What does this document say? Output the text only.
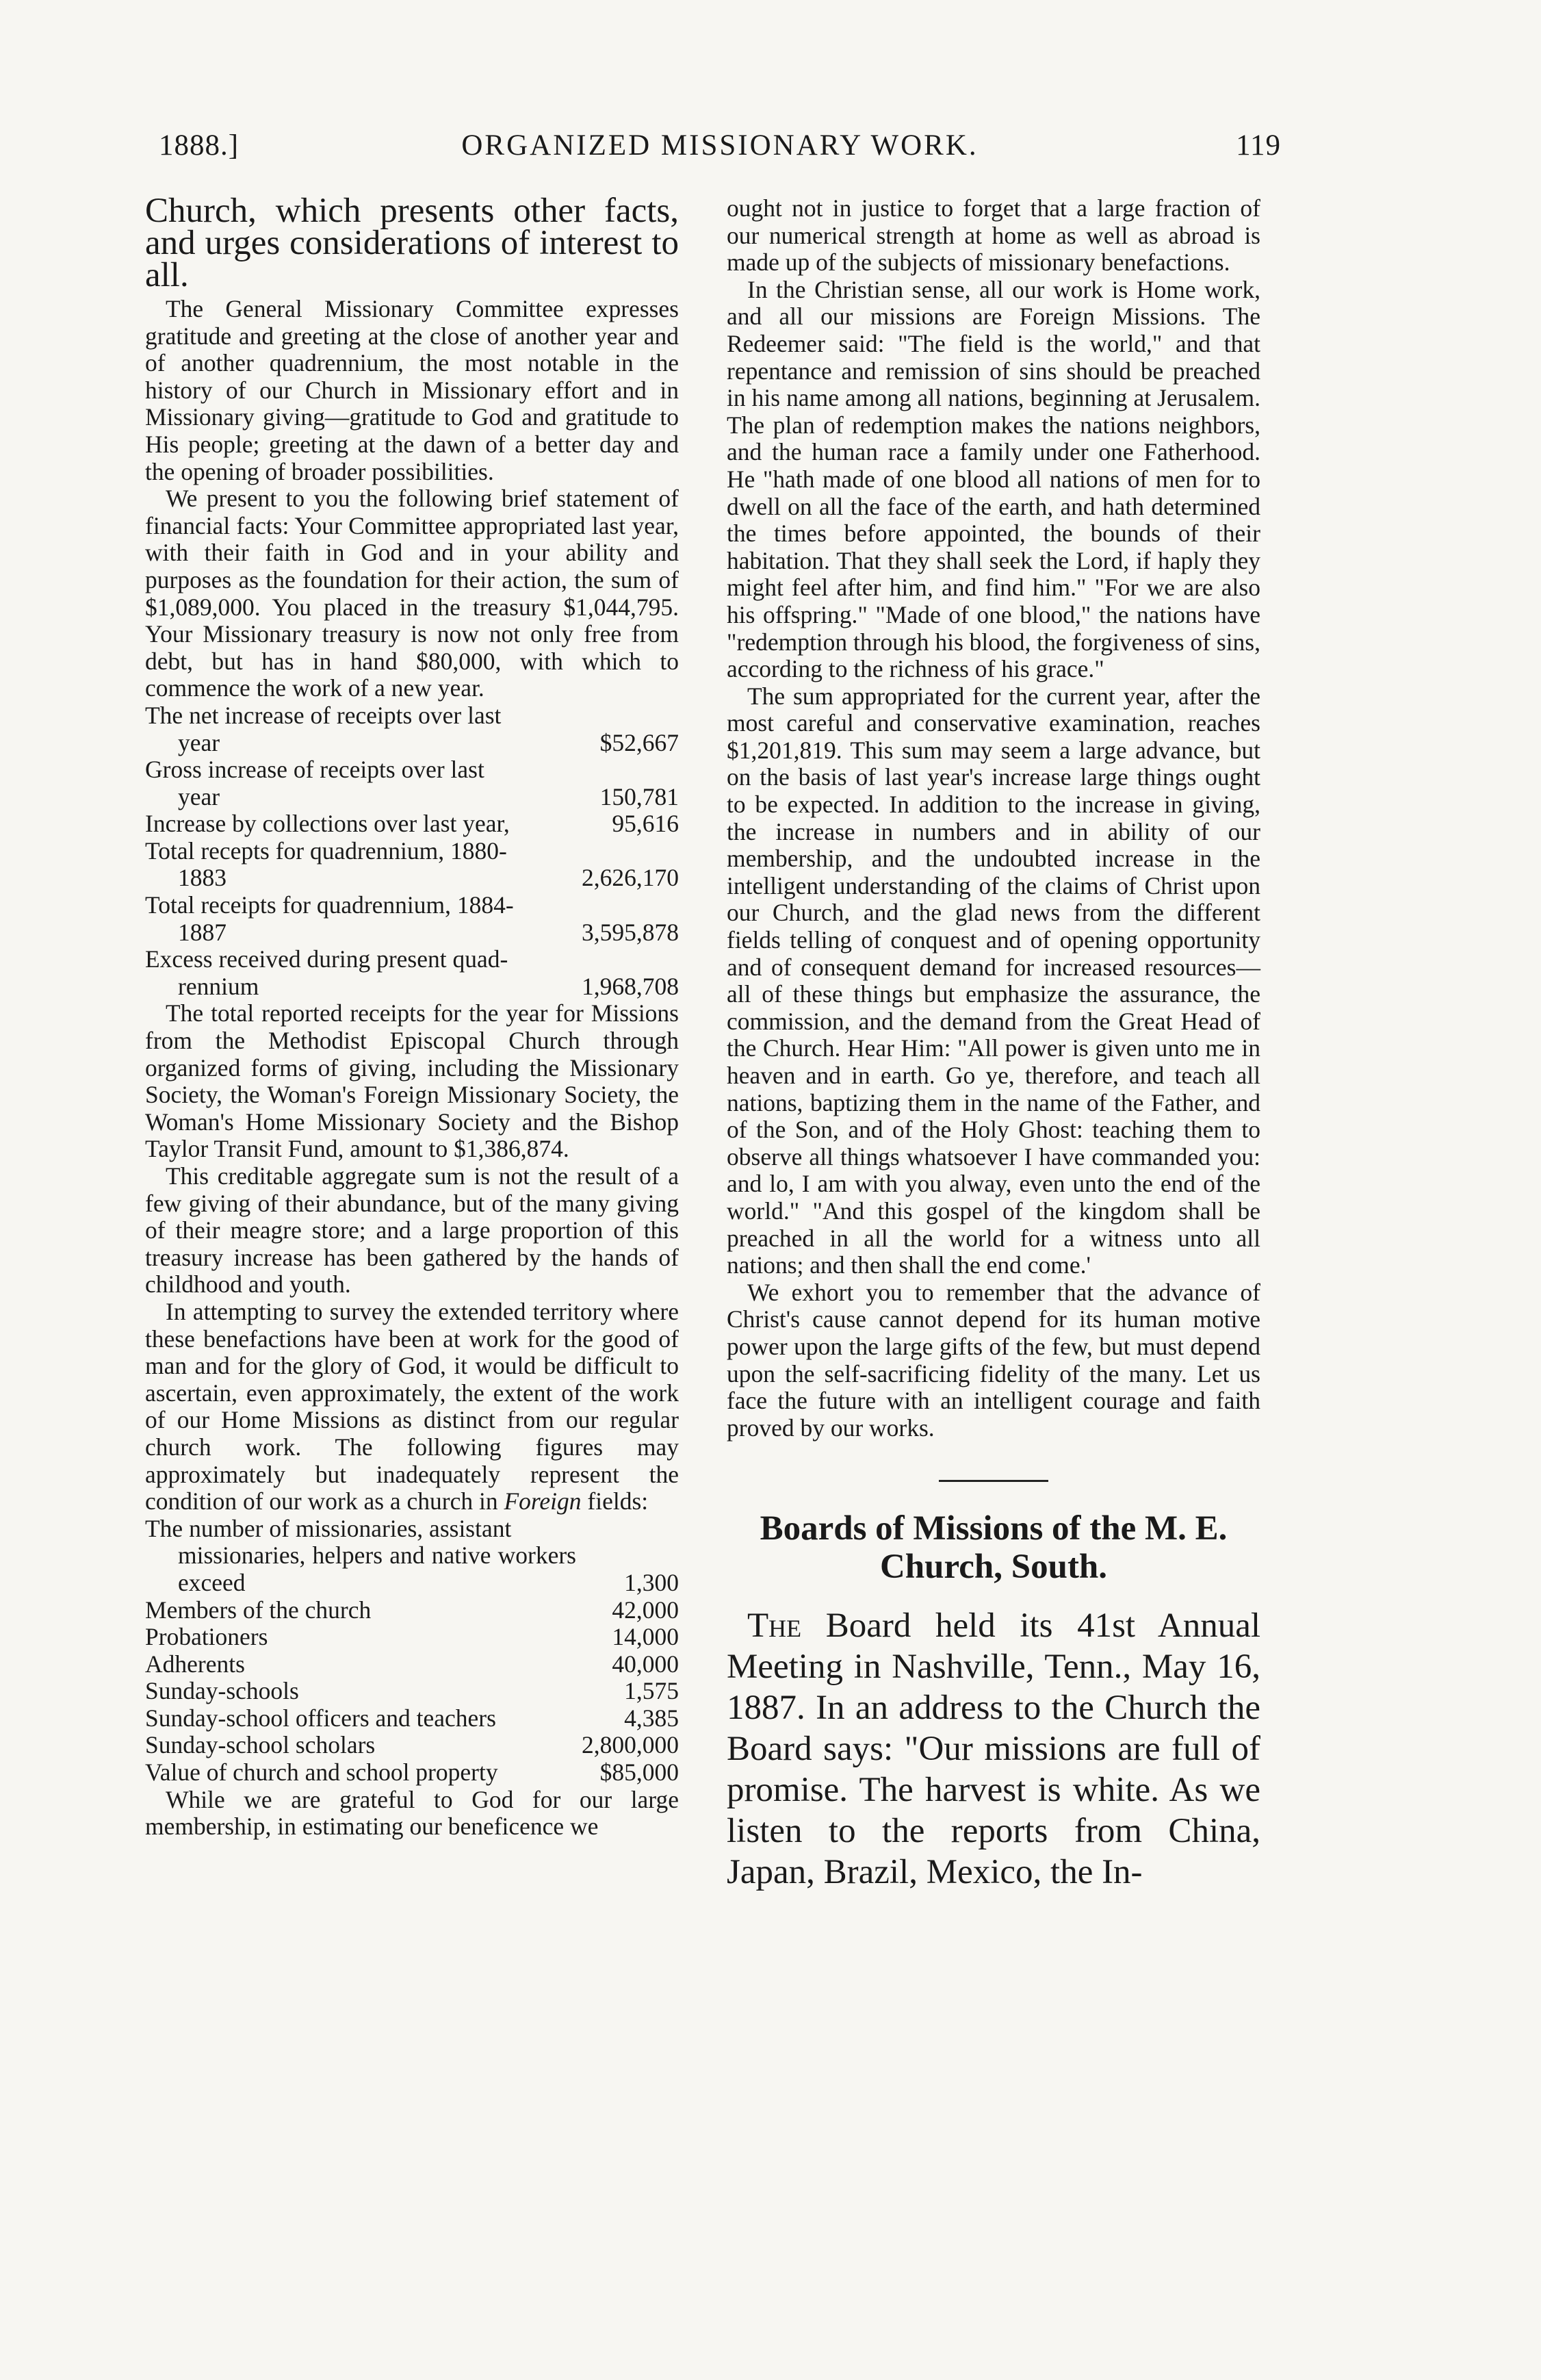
1888.]	ORGANIZED MISSIONARY WORK.	119

Church, which presents other facts, and urges considerations of interest to all.

The General Missionary Committee expresses gratitude and greeting at the close of another year and of another quadrennium, the most notable in the history of our Church in Missionary effort and in Missionary giving—gratitude to God and gratitude to His people; greeting at the dawn of a better day and the opening of broader possibilities.

We present to you the following brief statement of financial facts: Your Committee appropriated last year, with their faith in God and in your ability and purposes as the foundation for their action, the sum of $1,089,000. You placed in the treasury $1,044,795. Your Missionary treasury is now not only free from debt, but has in hand $80,000, with which to commence the work of a new year.

The net increase of receipts over last
year	$52,667

Gross increase of receipts over last
year	150,781

Increase by collections over last year,	95,616

Total recepts for quadrennium, 1880-
1883	2,626,170

Total receipts for quadrennium, 1884-
1887	3,595,878

Excess received during present quad-
rennium	1,968,708

The total reported receipts for the year for Missions from the Methodist Episcopal Church through organized forms of giving, including the Missionary Society, the Woman's Foreign Missionary Society, the Woman's Home Missionary Society and the Bishop Taylor Transit Fund, amount to $1,386,874.

This creditable aggregate sum is not the result of a few giving of their abundance, but of the many giving of their meagre store; and a large proportion of this treasury increase has been gathered by the hands of childhood and youth.

In attempting to survey the extended territory where these benefactions have been at work for the good of man and for the glory of God, it would be difficult to ascertain, even approximately, the extent of the work of our Home Missions as distinct from our regular church work. The following figures may approximately but inadequately represent the condition of our work as a church in Foreign fields:

The number of missionaries, assistant
missionaries, helpers and native workers exceed	1,300

Members of the church	42,000

Probationers	14,000

Adherents	40,000

Sunday-schools	1,575

Sunday-school officers and teachers	4,385

Sunday-school scholars	2,800,000

Value of church and school property	$85,000

While we are grateful to God for our large membership, in estimating our beneficence we

ought not in justice to forget that a large fraction of our numerical strength at home as well as abroad is made up of the subjects of missionary benefactions.

In the Christian sense, all our work is Home work, and all our missions are Foreign Missions. The Redeemer said: "The field is the world," and that repentance and remission of sins should be preached in his name among all nations, beginning at Jerusalem. The plan of redemption makes the nations neighbors, and the human race a family under one Fatherhood. He "hath made of one blood all nations of men for to dwell on all the face of the earth, and hath determined the times before appointed, the bounds of their habitation. That they shall seek the Lord, if haply they might feel after him, and find him." "For we are also his offspring." "Made of one blood," the nations have "redemption through his blood, the forgiveness of sins, according to the richness of his grace."

The sum appropriated for the current year, after the most careful and conservative examination, reaches $1,201,819. This sum may seem a large advance, but on the basis of last year's increase large things ought to be expected. In addition to the increase in giving, the increase in numbers and in ability of our membership, and the undoubted increase in the intelligent understanding of the claims of Christ upon our Church, and the glad news from the different fields telling of conquest and of opening opportunity and of consequent demand for increased resources—all of these things but emphasize the assurance, the commission, and the demand from the Great Head of the Church. Hear Him: "All power is given unto me in heaven and in earth. Go ye, therefore, and teach all nations, baptizing them in the name of the Father, and of the Son, and of the Holy Ghost: teaching them to observe all things whatsoever I have commanded you: and lo, I am with you alway, even unto the end of the world." "And this gospel of the kingdom shall be preached in all the world for a witness unto all nations; and then shall the end come.'

We exhort you to remember that the advance of Christ's cause cannot depend for its human motive power upon the large gifts of the few, but must depend upon the self-sacrificing fidelity of the many. Let us face the future with an intelligent courage and faith proved by our works.

Boards of Missions of the M. E. Church, South.

The Board held its 41st Annual Meeting in Nashville, Tenn., May 16, 1887. In an address to the Church the Board says: "Our missions are full of promise. The harvest is white. As we listen to the reports from China, Japan, Brazil, Mexico, the In-
